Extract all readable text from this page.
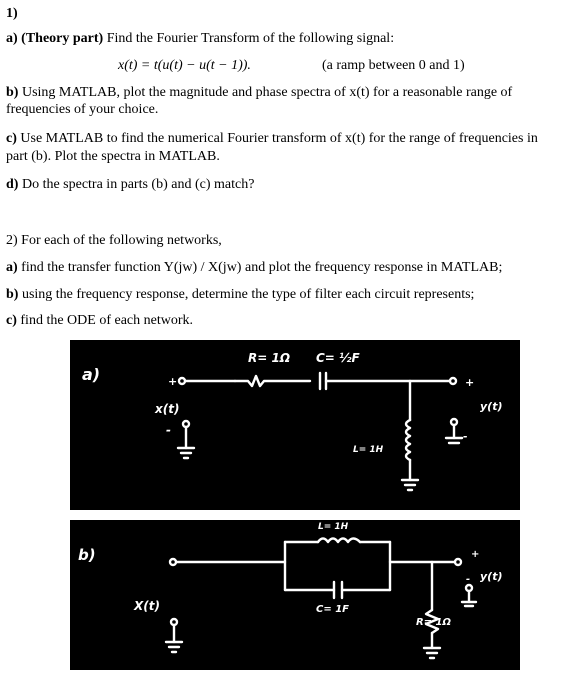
1)
a) (Theory part) Find the Fourier Transform of the following signal:
x(t) = t(u(t) − u(t − 1)).	(a ramp between 0 and 1)
b) Using MATLAB, plot the magnitude and phase spectra of x(t) for a reasonable range of
frequencies of your choice.
c) Use MATLAB to find the numerical Fourier transform of x(t) for the range of frequencies in
part (b). Plot the spectra in MATLAB.
d) Do the spectra in parts (b) and (c) match?
2) For each of the following networks,
a) find the transfer function Y(jw) / X(jw) and plot the frequency response in MATLAB;
b) using the frequency response, determine the type of filter each circuit represents;
c) find the ODE of each network.
a)	+
x(t)
-
R= 1Ω C= ½F
L= 1H
+
y(t)
-
b)
X(t)
L= 1H
C= 1F
R= 1Ω
+
y(t)
-
